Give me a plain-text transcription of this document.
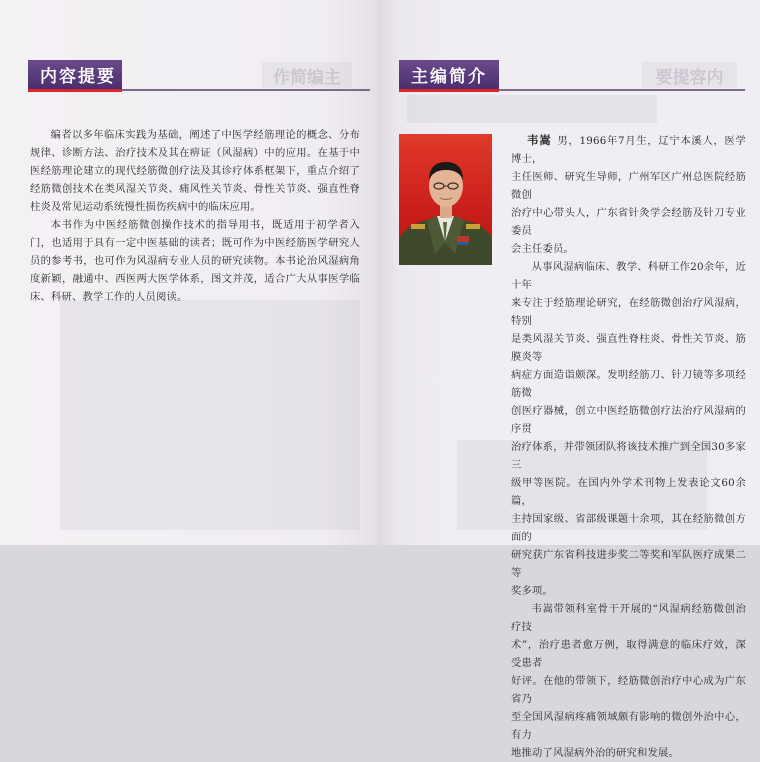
作简编主
内容提要

编者以多年临床实践为基础，阐述了中医学经筋理论的概念、分布规律、诊断方法、治疗技术及其在痹证（风湿病）中的应用。在基于中医经筋理论建立的现代经筋微创疗法及其诊疗体系框架下，重点介绍了经筋微创技术在类风湿关节炎、痛风性关节炎、骨性关节炎、强直性脊柱炎及常见运动系统慢性损伤疾病中的临床应用。

本书作为中医经筋微创操作技术的指导用书，既适用于初学者入门，也适用于具有一定中医基础的读者；既可作为中医经筋医学研究人员的参考书，也可作为风湿病专业人员的研究读物。本书论治风湿病角度新颖，融通中、西医两大医学体系，图文并茂，适合广大从事医学临床、科研、教学工作的人员阅读。

要提容内
主编简介
韦嵩 男，1966年7月生，辽宁本溪人，医学博士，
主任医师、研究生导师，广州军区广州总医院经筋微创
治疗中心带头人，广东省针灸学会经筋及针刀专业委员
会主任委员。
从事风湿病临床、教学、科研工作20余年，近十年
来专注于经筋理论研究，在经筋微创治疗风湿病，特别
是类风湿关节炎、强直性脊柱炎、骨性关节炎、筋膜炎等
病症方面造诣颇深。发明经筋刀、针刀镜等多项经筋微
创医疗器械，创立中医经筋微创疗法治疗风湿病的序贯
治疗体系，并带领团队将该技术推广到全国30多家三
级甲等医院。在国内外学术刊物上发表论文60余篇，
主持国家级、省部级课题十余项，其在经筋微创方面的
研究获广东省科技进步奖二等奖和军队医疗成果二等
奖多项。
韦嵩带领科室骨干开展的“风湿病经筋微创治疗技
术”，治疗患者愈万例，取得满意的临床疗效，深受患者
好评。在他的带领下，经筋微创治疗中心成为广东省乃
至全国风湿病疼痛领域颇有影响的微创外治中心，有力
地推动了风湿病外治的研究和发展。
